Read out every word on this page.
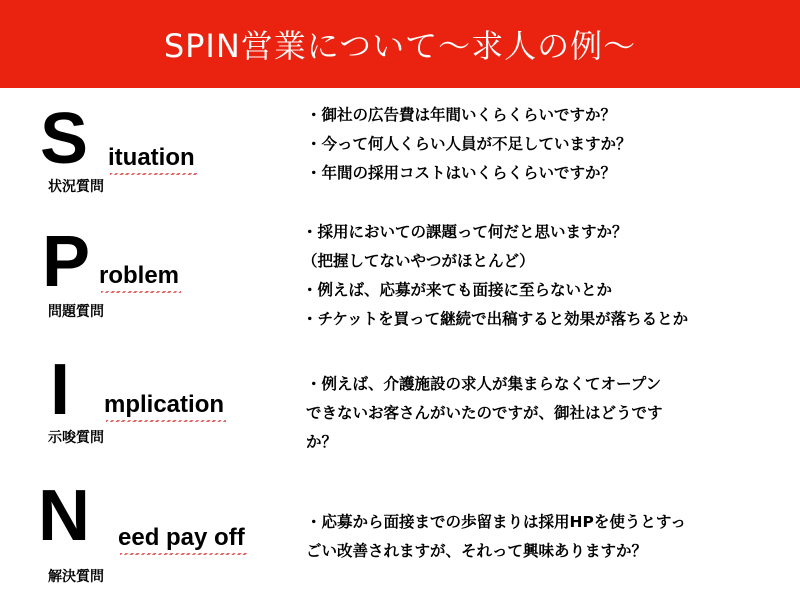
SPIN営業について〜求人の例〜
S ituation
状況質問
・御社の広告費は年間いくらくらいですか？
・今って何人くらい人員が不足していますか？
・年間の採用コストはいくらくらいですか？
P roblem
問題質問
・採用においての課題って何だと思いますか？
（把握してないやつがほとんど）
・例えば、応募が来ても面接に至らないとか
・チケットを買って継続で出稿すると効果が落ちるとか
I mplication
示唆質問
・例えば、介護施設の求人が集まらなくてオープン
できないお客さんがいたのですが、御社はどうです
か？
N eed pay off
解決質問
・応募から面接までの歩留まりは採用HPを使うとすっ
ごい改善されますが、それって興味ありますか？
